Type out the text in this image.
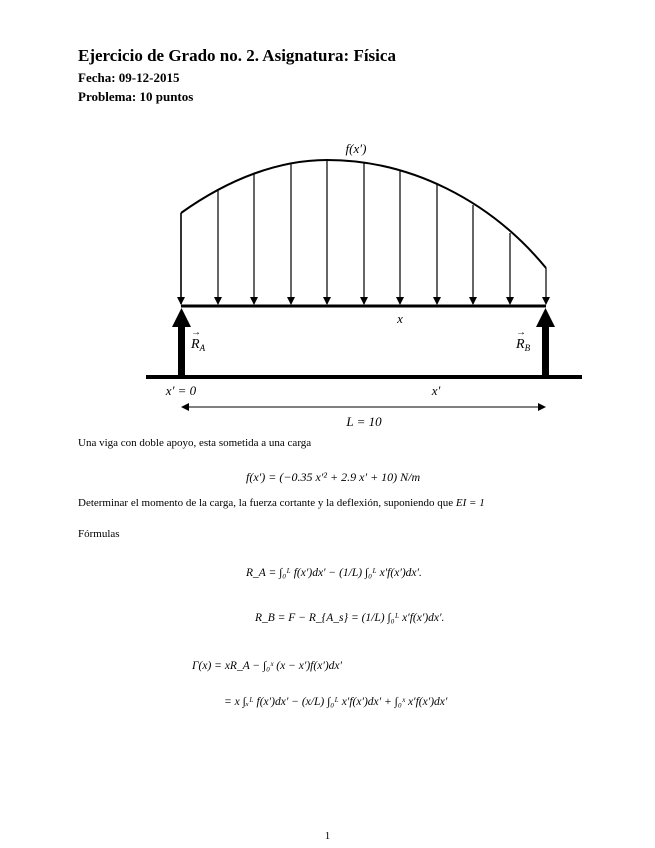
Ejercicio de Grado no. 2. Asignatura: Física
Fecha: 09-12-2015
Problema: 10 puntos
f(x′)
x
→
$R_A$
→
$R_B$
x′ = 0	x′
L = 10
Una viga con doble apoyo, esta sometida a una carga
f(x′) = (−0.35 x′² + 2.9 x′ + 10) N/m
Determinar el momento de la carga, la fuerza cortante y la deflexión, suponiendo que EI = 1
Fórmulas
R_A = ∫₀ᴸ f(x′)dx′ − (1/L) ∫₀ᴸ x′f(x′)dx′.
R_B = F − R_{A_s} = (1/L) ∫₀ᴸ x′f(x′)dx′.
Γ(x) = xR_A − ∫₀ˣ (x − x′)f(x′)dx′
= x ∫ₓᴸ f(x′)dx′ − (x/L) ∫₀ᴸ x′f(x′)dx′ + ∫₀ˣ x′f(x′)dx′
1
